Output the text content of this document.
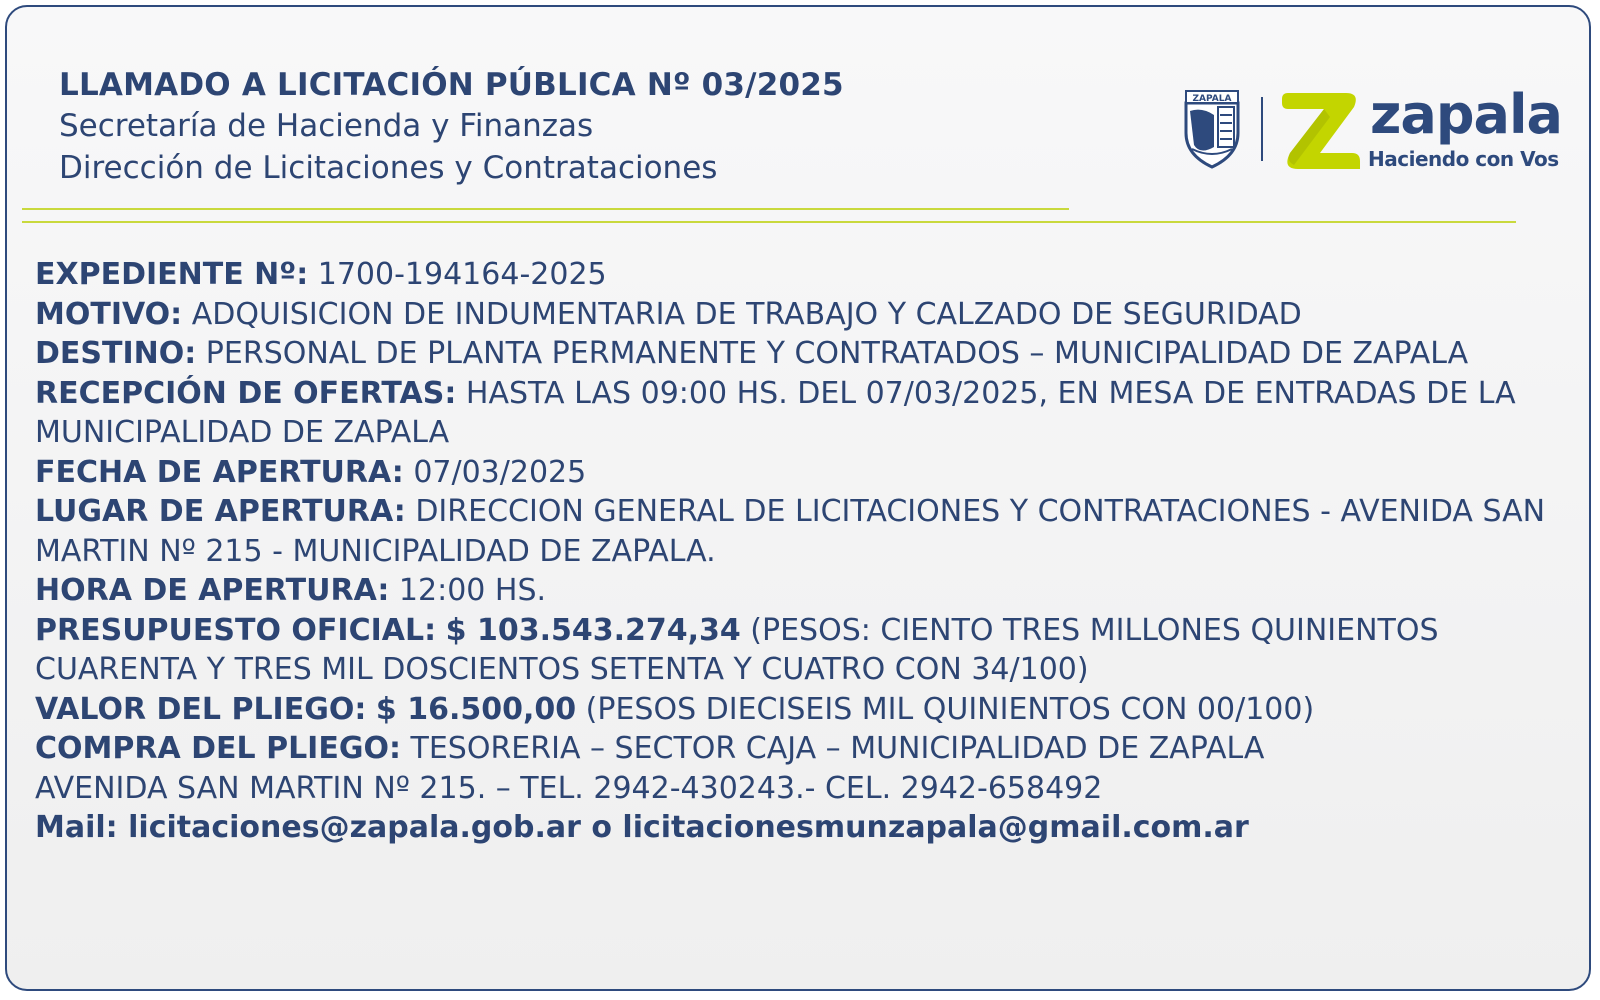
LLAMADO A LICITACIÓN PÚBLICA Nº 03/2025
Secretaría de Hacienda y Finanzas
Dirección de Licitaciones y Contrataciones
ZAPALA	zapala
Haciendo con Vos
EXPEDIENTE Nº: 1700-194164-2025
MOTIVO: ADQUISICION DE INDUMENTARIA DE TRABAJO Y CALZADO DE SEGURIDAD
DESTINO: PERSONAL DE PLANTA PERMANENTE Y CONTRATADOS – MUNICIPALIDAD DE ZAPALA
RECEPCIÓN DE OFERTAS: HASTA LAS 09:00 HS. DEL 07/03/2025, EN MESA DE ENTRADAS DE LA MUNICIPALIDAD DE ZAPALA
FECHA DE APERTURA: 07/03/2025
LUGAR DE APERTURA: DIRECCION GENERAL DE LICITACIONES Y CONTRATACIONES - AVENIDA SAN MARTIN Nº 215 - MUNICIPALIDAD DE ZAPALA.
HORA DE APERTURA: 12:00 HS.
PRESUPUESTO OFICIAL: $ 103.543.274,34 (PESOS: CIENTO TRES MILLONES QUINIENTOS CUARENTA Y TRES MIL DOSCIENTOS SETENTA Y CUATRO CON 34/100)
VALOR DEL PLIEGO: $ 16.500,00 (PESOS DIECISEIS MIL QUINIENTOS CON 00/100)
COMPRA DEL PLIEGO: TESORERIA – SECTOR CAJA – MUNICIPALIDAD DE ZAPALA
AVENIDA SAN MARTIN Nº 215. – TEL. 2942-430243.- CEL. 2942-658492
Mail: licitaciones@zapala.gob.ar o licitacionesmunzapala@gmail.com.ar
